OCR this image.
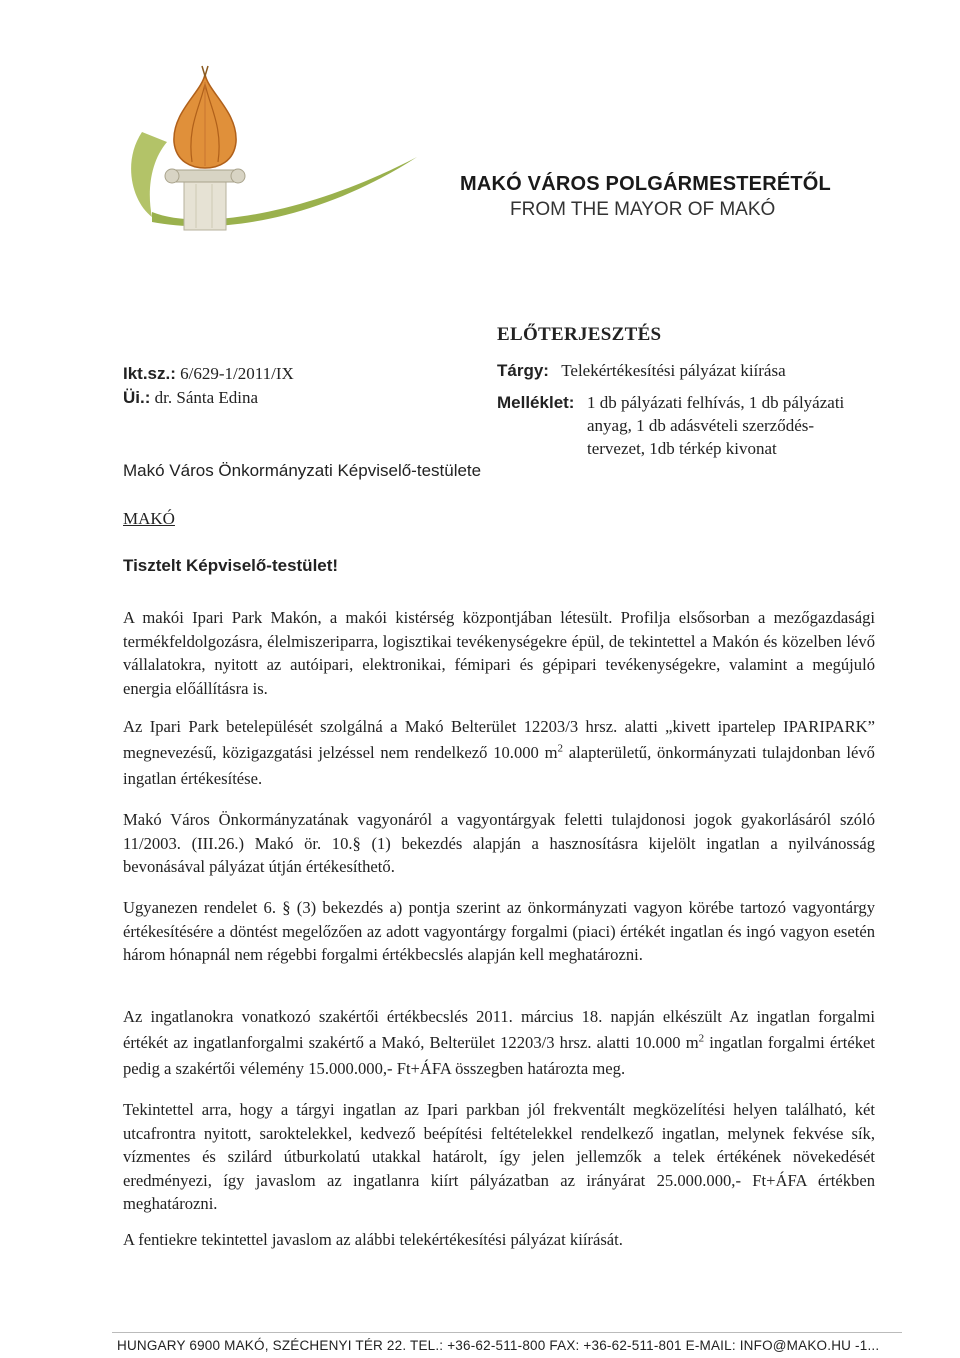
MAKÓ VÁROS POLGÁRMESTERÉTŐL
FROM THE MAYOR OF MAKÓ
ELŐTERJESZTÉS
Tárgy: Telekértékesítési pályázat kiírása
Melléklet: 1 db pályázati felhívás, 1 db pályázati
anyag, 1 db adásvételi szerződés-
tervezet, 1db térkép kivonat
Ikt.sz.: 6/629-1/2011/IX
Üi.: dr. Sánta Edina
Makó Város Önkormányzati Képviselő-testülete
MAKÓ
Tisztelt Képviselő-testület!

A makói Ipari Park Makón, a makói kistérség központjában létesült. Profilja elsősorban a mezőgazdasági termékfeldolgozásra, élelmiszeriparra, logisztikai tevékenységekre épül, de tekintettel a Makón és közelben lévő vállalatokra, nyitott az autóipari, elektronikai, fémipari és gépipari tevékenységekre, valamint a megújuló energia előállításra is.

Az Ipari Park betelepülését szolgálná a Makó Belterület 12203/3 hrsz. alatti „kivett ipartelep IPARIPARK” megnevezésű, közigazgatási jelzéssel nem rendelkező 10.000 $m^2$ alapterületű, önkormányzati tulajdonban lévő ingatlan értékesítése.

Makó Város Önkormányzatának vagyonáról a vagyontárgyak feletti tulajdonosi jogok gyakorlásáról szóló 11/2003. (III.26.) Makó ör. 10.§ (1) bekezdés alapján a hasznosításra kijelölt ingatlan a nyilvánosság bevonásával pályázat útján értékesíthető.

Ugyanezen rendelet 6. § (3) bekezdés a) pontja szerint az önkormányzati vagyon körébe tartozó vagyontárgy értékesítésére a döntést megelőzően az adott vagyontárgy forgalmi (piaci) értékét ingatlan és ingó vagyon esetén három hónapnál nem régebbi forgalmi értékbecslés alapján kell meghatározni.

Az ingatlanokra vonatkozó szakértői értékbecslés 2011. március 18. napján elkészült Az ingatlan forgalmi értékét az ingatlanforgalmi szakértő a Makó, Belterület 12203/3 hrsz. alatti 10.000 $m^2$ ingatlan forgalmi értéket pedig a szakértői vélemény 15.000.000,- Ft+ÁFA összegben határozta meg.

Tekintettel arra, hogy a tárgyi ingatlan az Ipari parkban jól frekventált megközelítési helyen található, két utcafrontra nyitott, saroktelekkel, kedvező beépítési feltételekkel rendelkező ingatlan, melynek fekvése sík, vízmentes és szilárd útburkolatú utakkal határolt, így jelen jellemzők a telek értékének növekedését eredményezi, így javaslom az ingatlanra kiírt pályázatban az irányárat 25.000.000,- Ft+ÁFA értékben meghatározni.

A fentiekre tekintettel javaslom az alábbi telekértékesítési pályázat kiírását.

HUNGARY 6900 MAKÓ, SZÉCHENYI TÉR 22. TEL.: +36-62-511-800 FAX: +36-62-511-801 E-MAIL: INFO@MAKO.HU -1...
